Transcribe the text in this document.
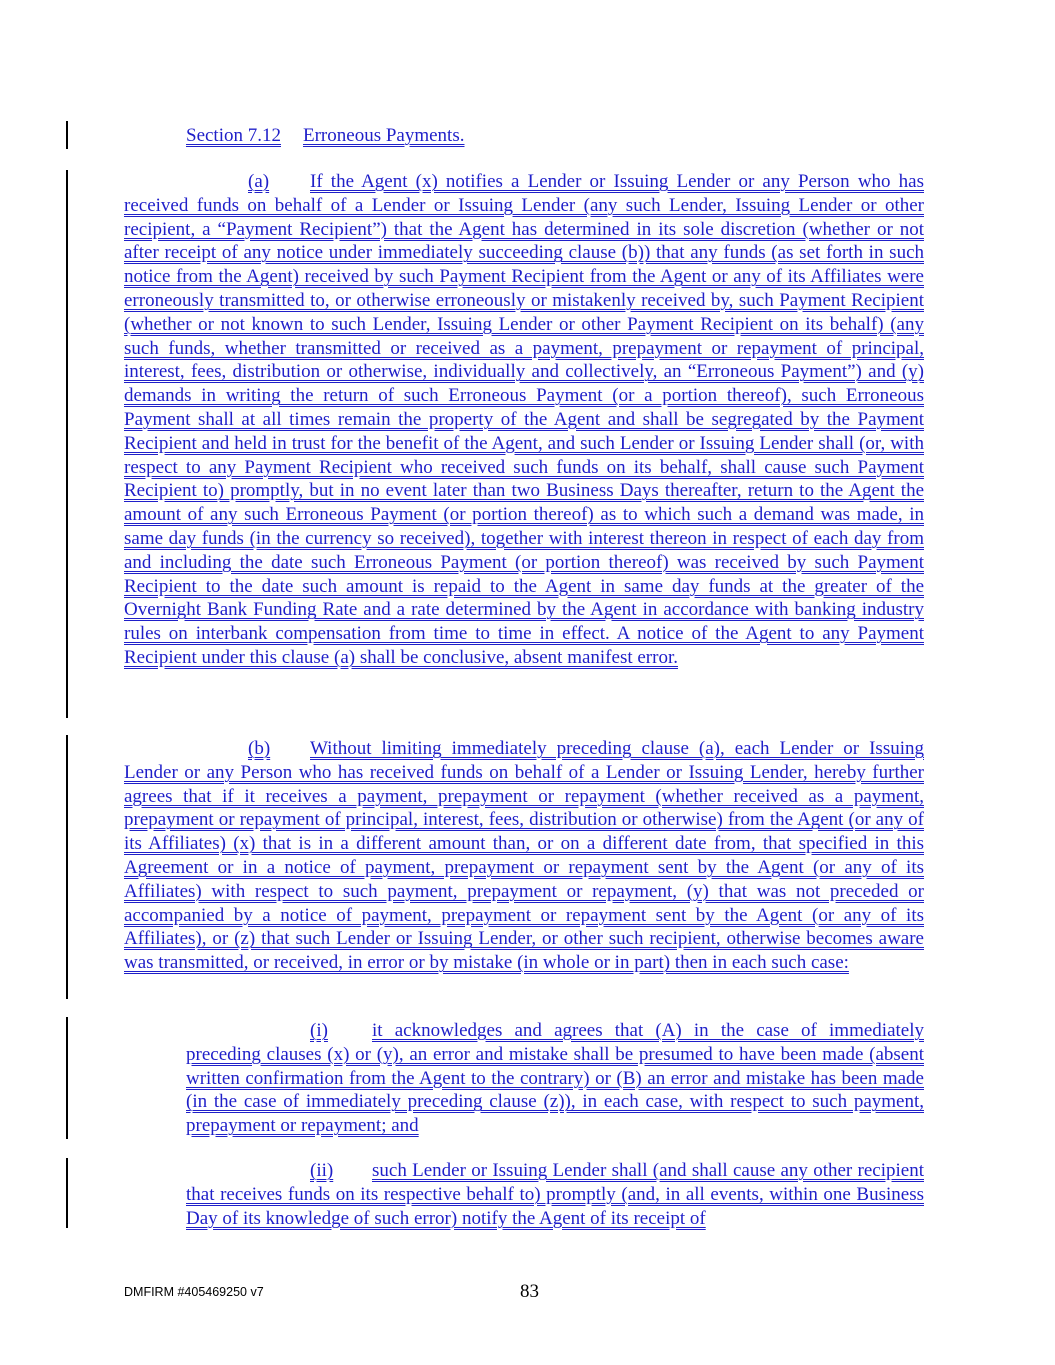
Section 7.12 Erroneous Payments.
(a) If the Agent (x) notifies a Lender or Issuing Lender or any Person who has received funds on behalf of a Lender or Issuing Lender (any such Lender, Issuing Lender or other recipient, a “Payment Recipient”) that the Agent has determined in its sole discretion (whether or not after receipt of any notice under immediately succeeding clause (b)) that any funds (as set forth in such notice from the Agent) received by such Payment Recipient from the Agent or any of its Affiliates were erroneously transmitted to, or otherwise erroneously or mistakenly received by, such Payment Recipient (whether or not known to such Lender, Issuing Lender or other Payment Recipient on its behalf) (any such funds, whether transmitted or received as a payment, prepayment or repayment of principal, interest, fees, distribution or otherwise, individually and collectively, an “Erroneous Payment”) and (y) demands in writing the return of such Erroneous Payment (or a portion thereof), such Erroneous Payment shall at all times remain the property of the Agent and shall be segregated by the Payment Recipient and held in trust for the benefit of the Agent, and such Lender or Issuing Lender shall (or, with respect to any Payment Recipient who received such funds on its behalf, shall cause such Payment Recipient to) promptly, but in no event later than two Business Days thereafter, return to the Agent the amount of any such Erroneous Payment (or portion thereof) as to which such a demand was made, in same day funds (in the currency so received), together with interest thereon in respect of each day from and including the date such Erroneous Payment (or portion thereof) was received by such Payment Recipient to the date such amount is repaid to the Agent in same day funds at the greater of the Overnight Bank Funding Rate and a rate determined by the Agent in accordance with banking industry rules on interbank compensation from time to time in effect. A notice of the Agent to any Payment Recipient under this clause (a) shall be conclusive, absent manifest error.
(b) Without limiting immediately preceding clause (a), each Lender or Issuing Lender or any Person who has received funds on behalf of a Lender or Issuing Lender, hereby further agrees that if it receives a payment, prepayment or repayment (whether received as a payment, prepayment or repayment of principal, interest, fees, distribution or otherwise) from the Agent (or any of its Affiliates) (x) that is in a different amount than, or on a different date from, that specified in this Agreement or in a notice of payment, prepayment or repayment sent by the Agent (or any of its Affiliates) with respect to such payment, prepayment or repayment, (y) that was not preceded or accompanied by a notice of payment, prepayment or repayment sent by the Agent (or any of its Affiliates), or (z) that such Lender or Issuing Lender, or other such recipient, otherwise becomes aware was transmitted, or received, in error or by mistake (in whole or in part) then in each such case:
(i) it acknowledges and agrees that (A) in the case of immediately preceding clauses (x) or (y), an error and mistake shall be presumed to have been made (absent written confirmation from the Agent to the contrary) or (B) an error and mistake has been made (in the case of immediately preceding clause (z)), in each case, with respect to such payment, prepayment or repayment; and
(ii) such Lender or Issuing Lender shall (and shall cause any other recipient that receives funds on its respective behalf to) promptly (and, in all events, within one Business Day of its knowledge of such error) notify the Agent of its receipt of
DMFIRM #405469250 v7	83
